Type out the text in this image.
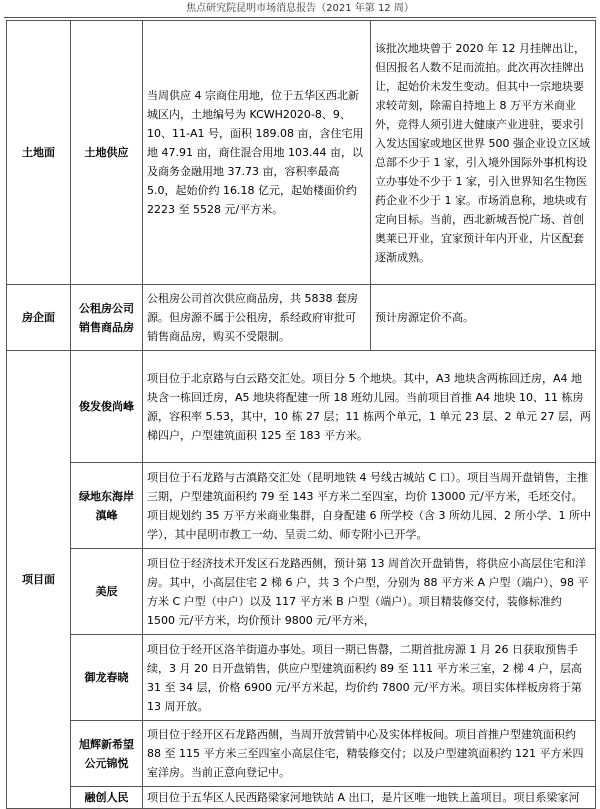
焦点研究院昆明市场消息报告（2021 年第 12 周）
土地面	土地供应	当周供应 4 宗商住用地，位于五华区西北新城区内，土地编号为 KCWH2020-8、9、10、11-A1 号，面积 189.08 亩，含住宅用地 47.91 亩，商住混合用地 103.44 亩，以及商务金融用地 37.73 亩，容积率最高 5.0，起始价约 16.18 亿元，起始楼面价约 2223 至 5528 元/平方米。	该批次地块曾于 2020 年 12 月挂牌出让，但因报名人数不足而流拍。此次再次挂牌出让，起始价未发生变动。但其中一宗地块要求较苛刻，除需自持地上 8 万平方米商业外，竞得人须引进大健康产业进驻，要求引入发达国家或地区世界 500 强企业设立区域总部不少于 1 家，引入境外国际外事机构设立办事处不少于 1 家，引入世界知名生物医药企业不少于 1 家。市场消息称，地块或有定向目标。当前，西北新城吾悦广场、首创奥莱已开业，宜家预计年内开业，片区配套逐渐成熟。
房企面	公租房公司销售商品房	公租房公司首次供应商品房，共 5838 套房源。但房源不属于公租房，系经政府审批可销售商品房，购买不受限制。	预计房源定价不高。
项目面	俊发俊尚峰	项目位于北京路与白云路交汇处。项目分 5 个地块。其中，A3 地块含两栋回迁房，A4 地块含一栋回迁房，A5 地块将配建一所 18 班幼儿园。当前项目首推 A4 地块 10、11 栋房源，容积率 5.53，其中，10 栋 27 层；11 栋两个单元，1 单元 23 层、2 单元 27 层，两梯四户，户型建筑面积 125 至 183 平方米。	
	绿地东海岸滇峰	项目位于石龙路与古滇路交汇处（昆明地铁 4 号线古城站 C 口）。项目当周开盘销售，主推三期，户型建筑面积约 79 至 143 平方米二至四室，均价 13000 元/平方米，毛坯交付。项目规划约 35 万平方米商业集群，自身配建 6 所学校（含 3 所幼儿园、2 所小学、1 所中学），其中昆明市教工一幼、呈贡二幼、师专附小已开学。	
	美辰	项目位于经济技术开发区石龙路西侧，预计第 13 周首次开盘销售，将供应小高层住宅和洋房。其中，小高层住宅 2 梯 6 户，共 3 个户型，分别为 88 平方米 A 户型（端户）、98 平方米 C 户型（中户）以及 117 平方米 B 户型（端户）。项目精装修交付，装修标准约 1500 元/平方米，均价预计 9800 元/平方米，	
	御龙春晓	项目位于经开区洛羊街道办事处。项目一期已售罄，二期首批房源 1 月 26 日获取预售手续，3 月 20 日开盘销售，供应户型建筑面积约 89 至 111 平方米三室，2 梯 4 户，层高 31 至 34 层，价格 6900 元/平方米起，均价约 7800 元/平方米。项目实体样板房将于第 13 周开放。	
	旭辉新希望公元锦悦	项目位于经开区石龙路西侧，当周开放营销中心及实体样板间。项目首推户型建筑面积约 88 至 115 平方米三至四室小高层住宅，精装修交付；以及户型建筑面积约 121 平方米四室洋房。当前正意向登记中。	
	融创人民	项目位于五华区人民西路梁家河地铁站 A 出口，是片区唯一地铁上盖项目。项目系梁家河	
